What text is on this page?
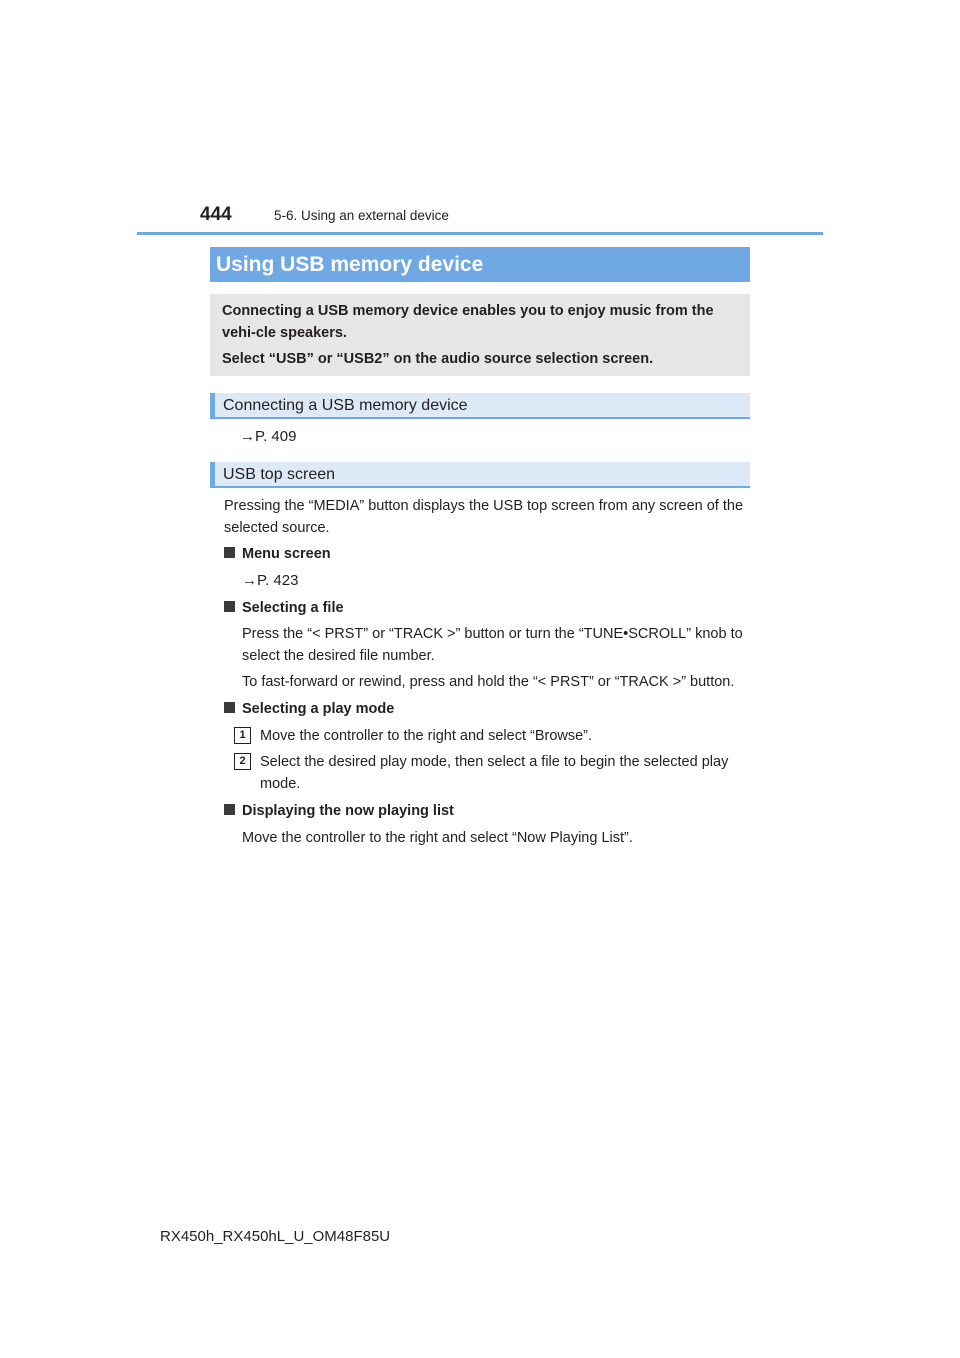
444	5-6. Using an external device
Using USB memory device

Connecting a USB memory device enables you to enjoy music from the vehi-cle speakers.

Select “USB” or “USB2” on the audio source selection screen.

Connecting a USB memory device
→P. 409
USB top screen
Pressing the “MEDIA” button displays the USB top screen from any screen of the selected source.
Menu screen
→P. 423
Selecting a file
Press the “< PRST” or “TRACK >” button or turn the “TUNE•SCROLL” knob to select the desired file number.
To fast-forward or rewind, press and hold the “< PRST” or “TRACK >” button.
Selecting a play mode
1 Move the controller to the right and select “Browse”.
2 Select the desired play mode, then select a file to begin the selected play mode.
Displaying the now playing list
Move the controller to the right and select “Now Playing List”.
RX450h_RX450hL_U_OM48F85U
